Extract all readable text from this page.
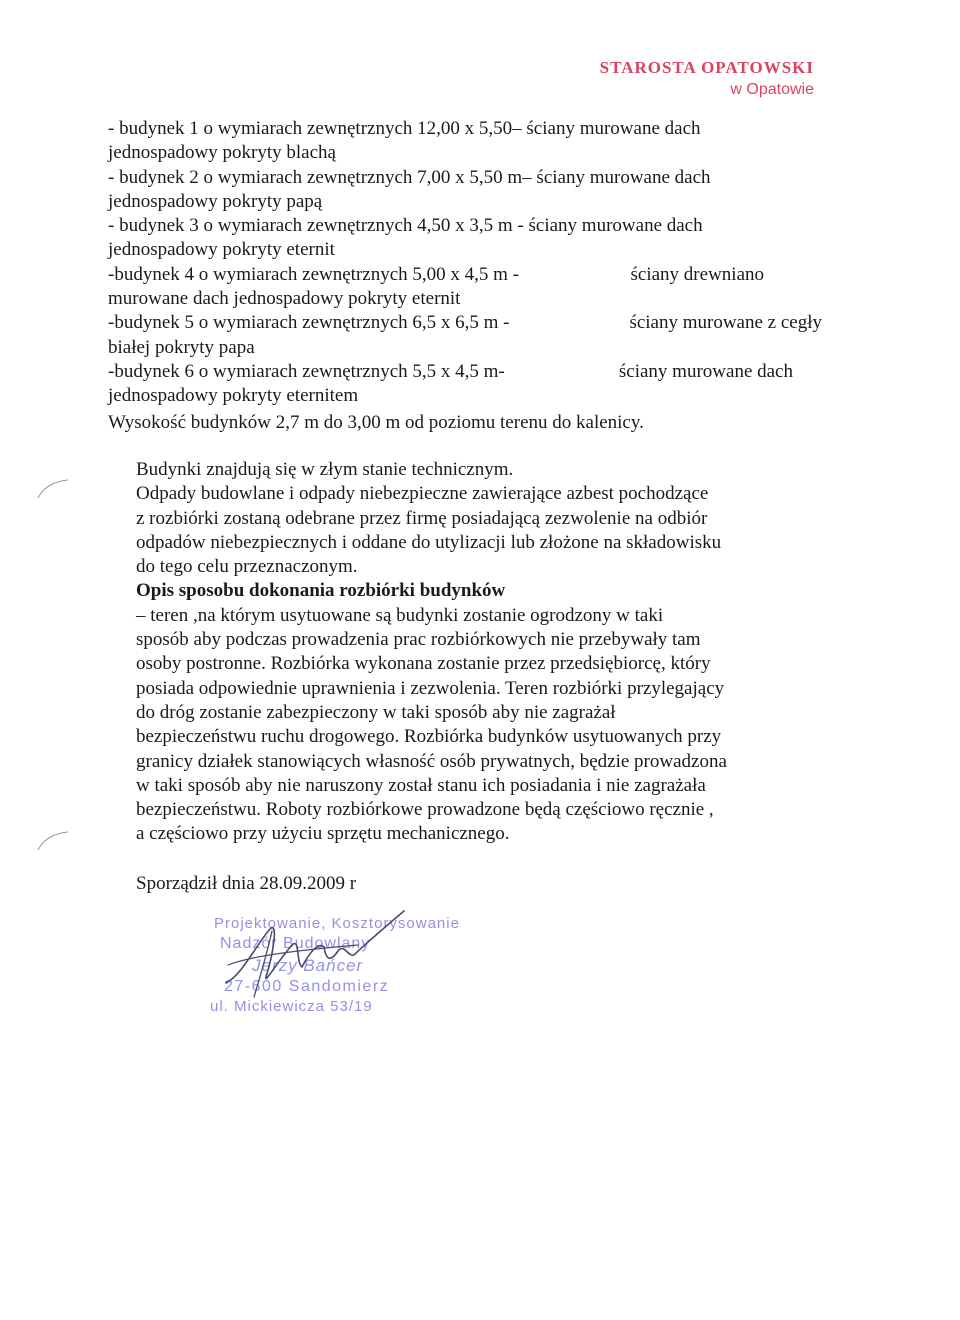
STAROSTA OPATOWSKI
w Opatowie
- budynek 1 o wymiarach zewnętrznych 12,00 x 5,50– ściany murowane dach
jednospadowy pokryty blachą
- budynek 2 o wymiarach zewnętrznych 7,00 x 5,50 m– ściany murowane dach
jednospadowy pokryty papą
- budynek 3 o wymiarach zewnętrznych 4,50 x 3,5 m - ściany murowane dach
jednospadowy pokryty eternit
-budynek 4 o wymiarach zewnętrznych 5,00 x 4,5 m -	ściany drewniano
murowane dach jednospadowy pokryty eternit
-budynek 5 o wymiarach zewnętrznych 6,5 x 6,5 m -	ściany murowane z cegły
białej pokryty papa
-budynek 6 o wymiarach zewnętrznych 5,5 x 4,5 m-	ściany murowane dach
jednospadowy pokryty eternitem
Wysokość budynków 2,7 m do 3,00 m od poziomu terenu do kalenicy.
Budynki znajdują się w złym stanie technicznym.
Odpady budowlane i odpady niebezpieczne zawierające azbest pochodzące
z rozbiórki zostaną odebrane przez firmę posiadającą zezwolenie na odbiór
odpadów niebezpiecznych i oddane do utylizacji lub złożone na składowisku
do tego celu przeznaczonym.
Opis sposobu dokonania rozbiórki budynków
– teren ,na którym usytuowane są budynki zostanie ogrodzony w taki
sposób aby podczas prowadzenia prac rozbiórkowych nie przebywały tam
osoby postronne. Rozbiórka wykonana zostanie przez przedsiębiorcę, który
posiada odpowiednie uprawnienia i zezwolenia. Teren rozbiórki przylegający
do dróg zostanie zabezpieczony w taki sposób aby nie zagrażał
bezpieczeństwu ruchu drogowego. Rozbiórka budynków usytuowanych przy
granicy działek stanowiących własność osób prywatnych, będzie prowadzona
w taki sposób aby nie naruszony został stanu ich posiadania i nie zagrażała
bezpieczeństwu. Roboty rozbiórkowe prowadzone będą częściowo ręcznie ,
a częściowo przy użyciu sprzętu mechanicznego.
Sporządził dnia 28.09.2009 r
Projektowanie, Kosztorysowanie
Nadzór Budowlany
Jerzy Bańcer
27-600 Sandomierz
ul. Mickiewicza 53/19
